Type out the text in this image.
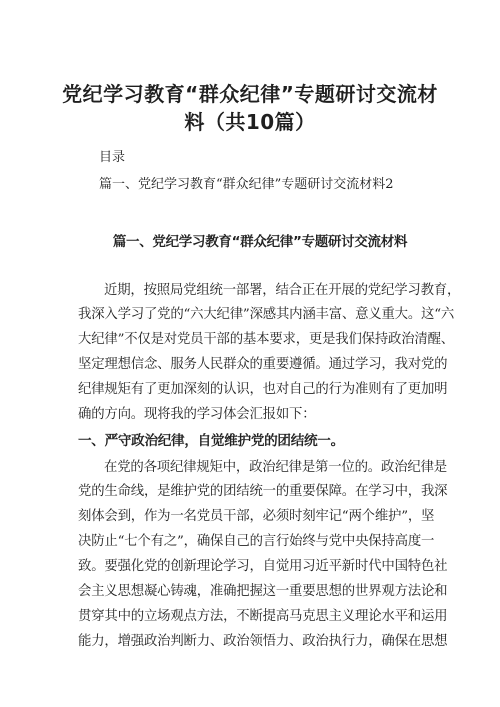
党纪学习教育“群众纪律”专题研讨交流材
料（共10篇）
目录
篇一、党纪学习教育“群众纪律”专题研讨交流材料2
篇一、党纪学习教育“群众纪律”专题研讨交流材料

近期，按照局党组统一部署，结合正在开展的党纪学习教育，

我深入学习了党的“六大纪律”深感其内涵丰富、意义重大。这“六

大纪律”不仅是对党员干部的基本要求，更是我们保持政治清醒、

坚定理想信念、服务人民群众的重要遵循。通过学习，我对党的

纪律规矩有了更加深刻的认识，也对自己的行为准则有了更加明

确的方向。现将我的学习体会汇报如下：

一、严守政治纪律，自觉维护党的团结统一。

在党的各项纪律规矩中，政治纪律是第一位的。政治纪律是

党的生命线，是维护党的团结统一的重要保障。在学习中，我深

刻体会到，作为一名党员干部，必须时刻牢记“两个维护”，坚

决防止“七个有之”，确保自己的言行始终与党中央保持高度一

致。要强化党的创新理论学习，自觉用习近平新时代中国特色社

会主义思想凝心铸魂，准确把握这一重要思想的世界观方法论和

贯穿其中的立场观点方法，不断提高马克思主义理论水平和运用

能力，增强政治判断力、政治领悟力、政治执行力，确保在思想
